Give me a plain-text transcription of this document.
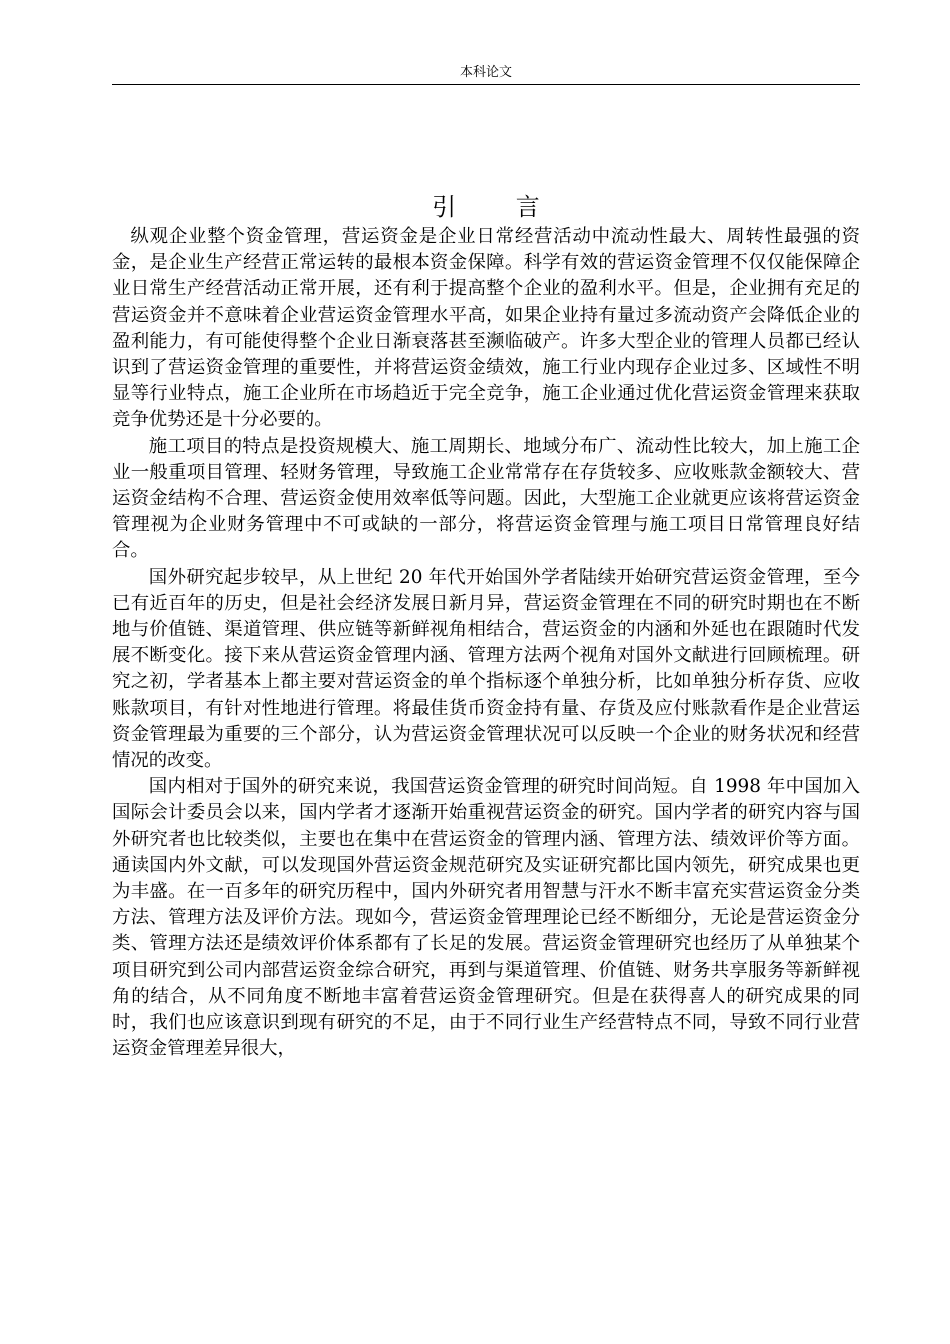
本科论文
引 言

纵观企业整个资金管理，营运资金是企业日常经营活动中流动性最大、周转性最强的资金，是企业生产经营正常运转的最根本资金保障。科学有效的营运资金管理不仅仅能保障企业日常生产经营活动正常开展，还有利于提高整个企业的盈利水平。但是，企业拥有充足的营运资金并不意味着企业营运资金管理水平高，如果企业持有量过多流动资产会降低企业的盈利能力，有可能使得整个企业日渐衰落甚至濒临破产。许多大型企业的管理人员都已经认识到了营运资金管理的重要性，并将营运资金绩效，施工行业内现存企业过多、区域性不明显等行业特点，施工企业所在市场趋近于完全竞争，施工企业通过优化营运资金管理来获取竞争优势还是十分必要的。

施工项目的特点是投资规模大、施工周期长、地域分布广、流动性比较大，加上施工企业一般重项目管理、轻财务管理，导致施工企业常常存在存货较多、应收账款金额较大、营运资金结构不合理、营运资金使用效率低等问题。因此，大型施工企业就更应该将营运资金管理视为企业财务管理中不可或缺的一部分，将营运资金管理与施工项目日常管理良好结合。

国外研究起步较早，从上世纪 20 年代开始国外学者陆续开始研究营运资金管理，至今已有近百年的历史，但是社会经济发展日新月异，营运资金管理在不同的研究时期也在不断地与价值链、渠道管理、供应链等新鲜视角相结合，营运资金的内涵和外延也在跟随时代发展不断变化。接下来从营运资金管理内涵、管理方法两个视角对国外文献进行回顾梳理。研究之初，学者基本上都主要对营运资金的单个指标逐个单独分析，比如单独分析存货、应收账款项目，有针对性地进行管理。将最佳货币资金持有量、存货及应付账款看作是企业营运资金管理最为重要的三个部分，认为营运资金管理状况可以反映一个企业的财务状况和经营情况的改变。

国内相对于国外的研究来说，我国营运资金管理的研究时间尚短。自 1998 年中国加入国际会计委员会以来，国内学者才逐渐开始重视营运资金的研究。国内学者的研究内容与国外研究者也比较类似，主要也在集中在营运资金的管理内涵、管理方法、绩效评价等方面。通读国内外文献，可以发现国外营运资金规范研究及实证研究都比国内领先，研究成果也更为丰盛。在一百多年的研究历程中，国内外研究者用智慧与汗水不断丰富充实营运资金分类方法、管理方法及评价方法。现如今，营运资金管理理论已经不断细分，无论是营运资金分类、管理方法还是绩效评价体系都有了长足的发展。营运资金管理研究也经历了从单独某个项目研究到公司内部营运资金综合研究，再到与渠道管理、价值链、财务共享服务等新鲜视角的结合，从不同角度不断地丰富着营运资金管理研究。但是在获得喜人的研究成果的同时，我们也应该意识到现有研究的不足，由于不同行业生产经营特点不同，导致不同行业营运资金管理差异很大，
